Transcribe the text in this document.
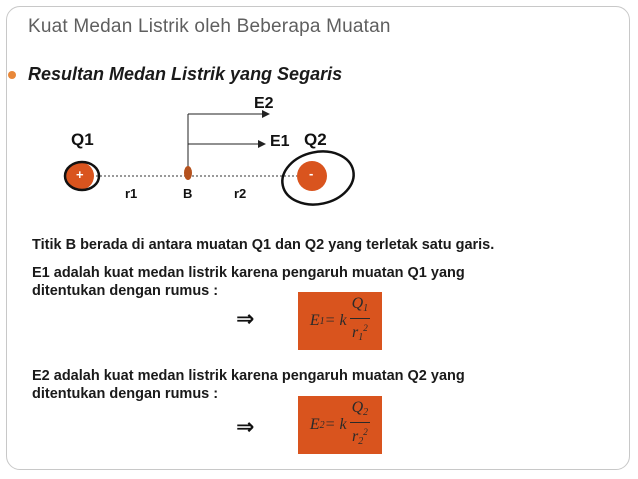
Kuat Medan Listrik oleh Beberapa Muatan
Resultan Medan Listrik yang Segaris
Q1	Q2
+	-
E2
E1
B
r1	r2
Titik B berada di antara muatan Q1 dan Q2 yang terletak satu garis.
E1 adalah kuat medan listrik karena pengaruh muatan Q1 yang
ditentukan dengan rumus :
⇒	E 1 = k $\frac{Q_1}{r_1^2}$
E2 adalah kuat medan listrik karena pengaruh muatan Q2 yang
ditentukan dengan rumus :
⇒	E 2 = k $\frac{Q_2}{r_2^2}$
